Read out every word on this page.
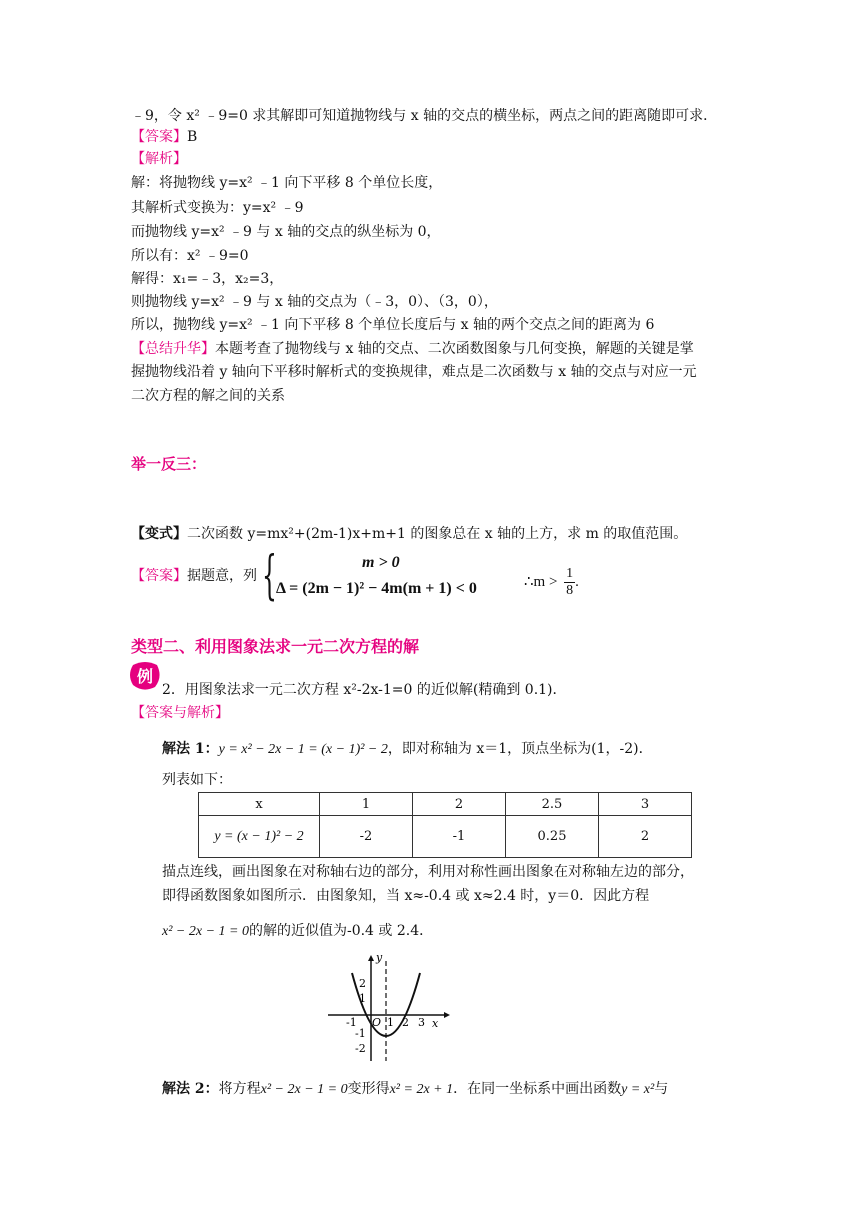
﹣9，令 x² ﹣9=0 求其解即可知道抛物线与 x 轴的交点的横坐标，两点之间的距离随即可求．
【答案】B
【解析】
解：将抛物线 y=x² ﹣1 向下平移 8 个单位长度，
其解析式变换为：y=x² ﹣9
而抛物线 y=x² ﹣9 与 x 轴的交点的纵坐标为 0，
所以有：x² ﹣9=0
解得：x₁=﹣3，x₂=3，
则抛物线 y=x² ﹣9 与 x 轴的交点为（﹣3，0）、（3，0），
所以，抛物线 y=x² ﹣1 向下平移 8 个单位长度后与 x 轴的两个交点之间的距离为 6
【总结升华】本题考查了抛物线与 x 轴的交点、二次函数图象与几何变换，解题的关键是掌
握抛物线沿着 y 轴向下平移时解析式的变换规律，难点是二次函数与 x 轴的交点与对应一元
二次方程的解之间的关系
举一反三：
【变式】二次函数 y=mx²+(2m-1)x+m+1 的图象总在 x 轴的上方，求 m 的取值范围。
【答案】据题意，列 {	m > 0
Δ = (2m − 1)² − 4m(m + 1) < 0	∴m > $\frac{1}{8}$ .
类型二、利用图象法求一元二次方程的解
例
2．用图象法求一元二次方程 x²-2x-1=0 的近似解(精确到 0.1)．
【答案与解析】
解法 1：y = x² − 2x − 1 = (x − 1)² − 2，即对称轴为 x＝1，顶点坐标为(1，-2)．
列表如下：
x	1	2	2.5	3
y = (x − 1)² − 2	-2	-1	0.25	2
描点连线，画出图象在对称轴右边的部分，利用对称性画出图象在对称轴左边的部分，
即得函数图象如图所示．由图象知，当 x≈-0.4 或 x≈2.4 时，y＝0．因此方程
x² − 2x − 1 = 0的解的近似值为-0.4 或 2.4．
y
x
O
-1	1 2 3
2
1
-1
-2
解法 2：将方程x² − 2x − 1 = 0变形得x² = 2x + 1．在同一坐标系中画出函数y = x²与
